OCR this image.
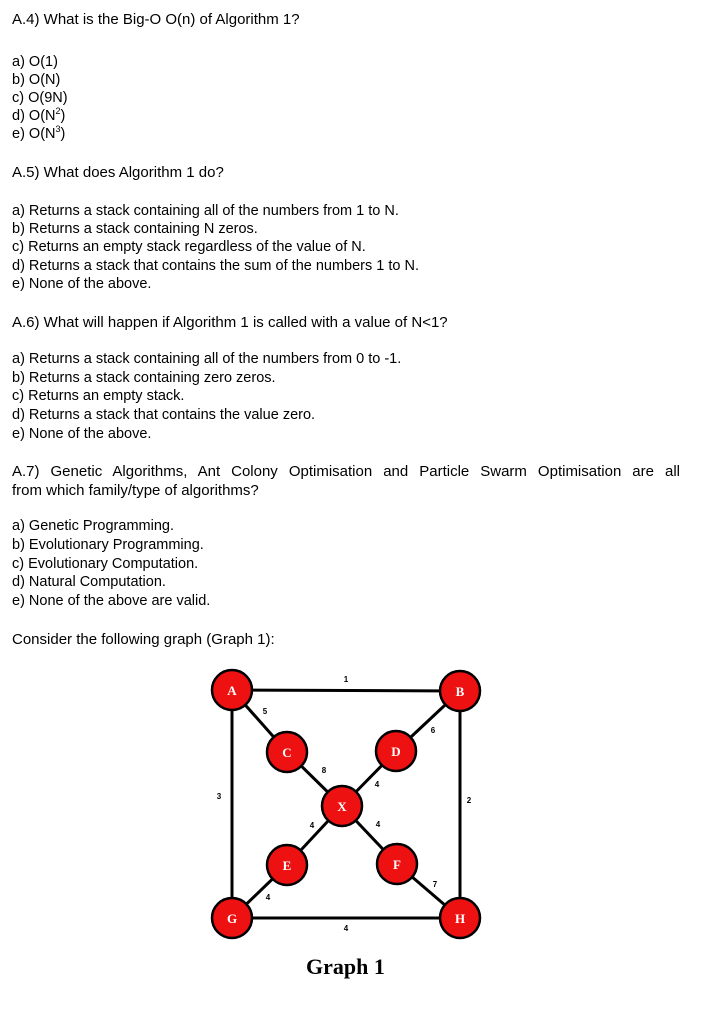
A.4) What is the Big-O O(n) of Algorithm 1?
a) O(1)
b) O(N)
c) O(9N)
d) $O(N^2)$
e) $O(N^3)$
A.5) What does Algorithm 1 do?
a) Returns a stack containing all of the numbers from 1 to N.
b) Returns a stack containing N zeros.
c) Returns an empty stack regardless of the value of N.
d) Returns a stack that contains the sum of the numbers 1 to N.
e) None of the above.
A.6) What will happen if Algorithm 1 is called with a value of N<1?
a) Returns a stack containing all of the numbers from 0 to -1.
b) Returns a stack containing zero zeros.
c) Returns an empty stack.
d) Returns a stack that contains the value zero.
e) None of the above.
A.7) Genetic Algorithms, Ant Colony Optimisation and Particle Swarm Optimisation are all
from which family/type of algorithms?
a) Genetic Programming.
b) Evolutionary Programming.
c) Evolutionary Computation.
d) Natural Computation.
e) None of the above are valid.
Consider the following graph (Graph 1):
1
5
6
3	2
8
4
4	4
4
7
4
A	B
C	D
X
E	F
G	H
Graph 1
